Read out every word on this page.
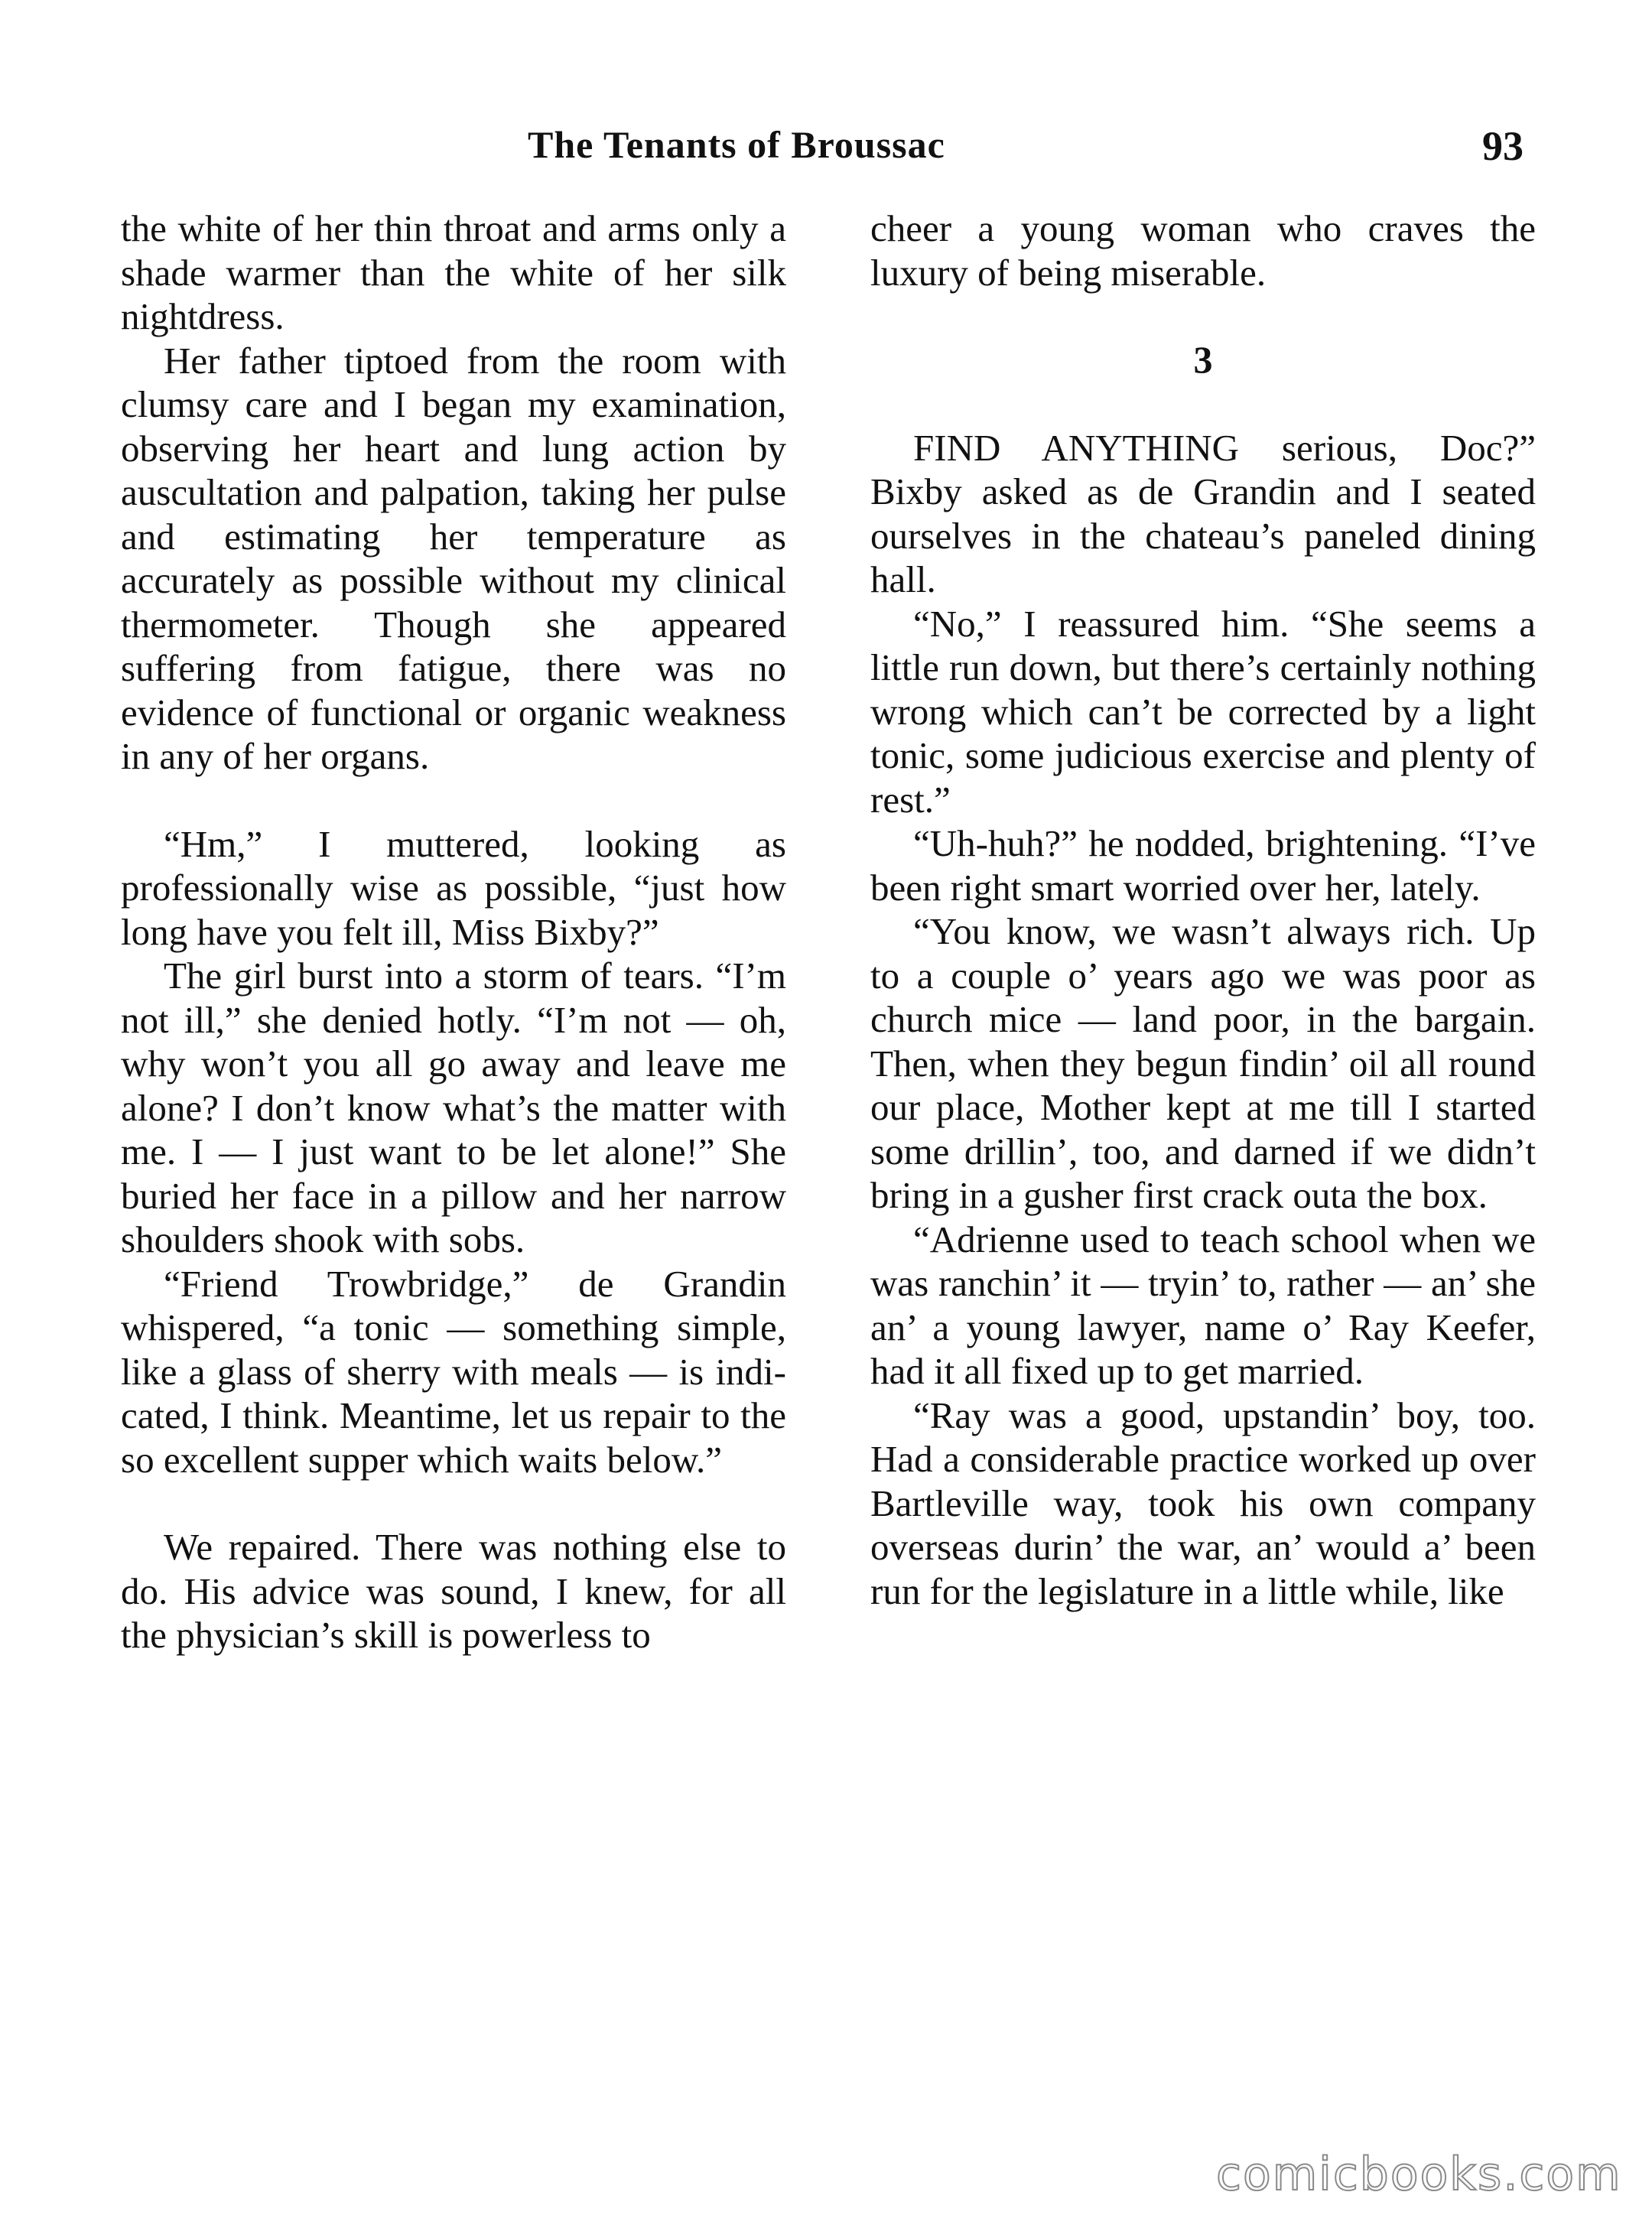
The Tenants of Broussac	93

the white of her thin throat and arms only a shade warmer than the white of her silk nightdress.

Her father tiptoed from the room with clumsy care and I began my examination, observing her heart and lung action by auscultation and palpation, taking her pulse and estimating her temperature as accurately as possible without my clinical thermometer. Though she appeared suffering from fatigue, there was no evidence of functional or organic weakness in any of her organs.

“Hm,” I muttered, looking as professionally wise as possible, “just how long have you felt ill, Miss Bixby?”

The girl burst into a storm of tears. “I’m not ill,” she denied hotly. “I’m not — oh, why won’t you all go away and leave me alone? I don’t know what’s the matter with me. I — I just want to be let alone!” She buried her face in a pillow and her narrow shoulders shook with sobs.

“Friend Trowbridge,” de Grandin whispered, “a tonic — something simple, like a glass of sherry with meals — is indicated, I think. Meantime, let us repair to the so excellent supper which waits below.”

We repaired. There was nothing else to do. His advice was sound, I knew, for all the physician’s skill is powerless to

cheer a young woman who craves the luxury of being miserable.

3

FIND ANYTHING serious, Doc?” Bixby asked as de Grandin and I seated ourselves in the chateau’s paneled dining hall.

“No,” I reassured him. “She seems a little run down, but there’s certainly nothing wrong which can’t be corrected by a light tonic, some judicious exercise and plenty of rest.”

“Uh-huh?” he nodded, brightening. “I’ve been right smart worried over her, lately.

“You know, we wasn’t always rich. Up to a couple o’ years ago we was poor as church mice — land poor, in the bargain. Then, when they begun findin’ oil all round our place, Mother kept at me till I started some drillin’, too, and darned if we didn’t bring in a gusher first crack outa the box.

“Adrienne used to teach school when we was ranchin’ it — tryin’ to, rather — an’ she an’ a young lawyer, name o’ Ray Keefer, had it all fixed up to get married.

“Ray was a good, upstandin’ boy, too. Had a considerable practice worked up over Bartleville way, took his own company overseas durin’ the war, an’ would a’ been run for the legislature in a little while, like

comicbooks.com
